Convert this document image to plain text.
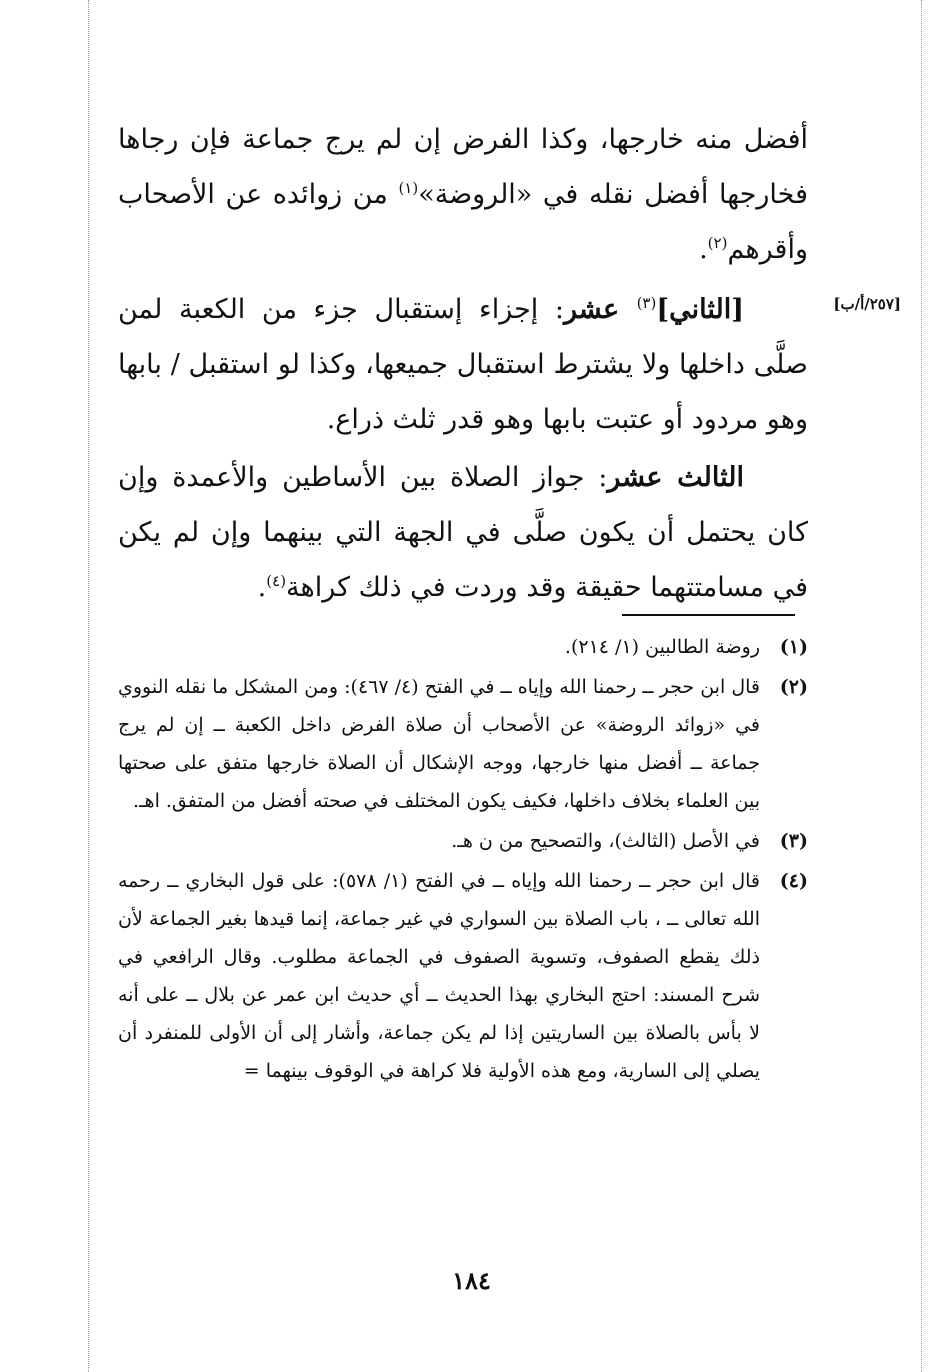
أفضل منه خارجها، وكذا الفرض إن لم يرج جماعة فإن رجاها فخارجها أفضل نقله في «الروضة»$^{(١)}$ من زوائده عن الأصحاب وأقرهم$^{(٢)}$.

[٢٥٧/أ/ب]

[الثاني]$^{(٣)}$ عشر: إجزاء إستقبال جزء من الكعبة لمن صلَّى داخلها ولا يشترط استقبال جميعها، وكذا لو استقبل / بابها وهو مردود أو عتبت بابها وهو قدر ثلث ذراع.

الثالث عشر: جواز الصلاة بين الأساطين والأعمدة وإن كان يحتمل أن يكون صلَّى في الجهة التي بينهما وإن لم يكن في مسامتتهما حقيقة وقد وردت في ذلك كراهة$^{(٤)}$.

(١)
روضة الطالبين (١/ ٢١٤).
(٢)
قال ابن حجر ــ رحمنا الله وإياه ــ في الفتح (٤/ ٤٦٧): ومن المشكل ما نقله النووي في «زوائد الروضة» عن الأصحاب أن صلاة الفرض داخل الكعبة ــ إن لم يرج جماعة ــ أفضل منها خارجها، ووجه الإشكال أن الصلاة خارجها متفق على صحتها بين العلماء بخلاف داخلها، فكيف يكون المختلف في صحته أفضل من المتفق. اهـ.
(٣)
في الأصل (الثالث)، والتصحيح من ن هـ.
(٤)
قال ابن حجر ــ رحمنا الله وإياه ــ في الفتح (١/ ٥٧٨): على قول البخاري ــ رحمه الله تعالى ــ ، باب الصلاة بين السواري في غير جماعة، إنما قيدها بغير الجماعة لأن ذلك يقطع الصفوف، وتسوية الصفوف في الجماعة مطلوب. وقال الرافعي في شرح المسند: احتج البخاري بهذا الحديث ــ أي حديث ابن عمر عن بلال ــ على أنه لا بأس بالصلاة بين الساريتين إذا لم يكن جماعة، وأشار إلى أن الأولى للمنفرد أن يصلي إلى السارية، ومع هذه الأولية فلا كراهة في الوقوف بينهما =
١٨٤
